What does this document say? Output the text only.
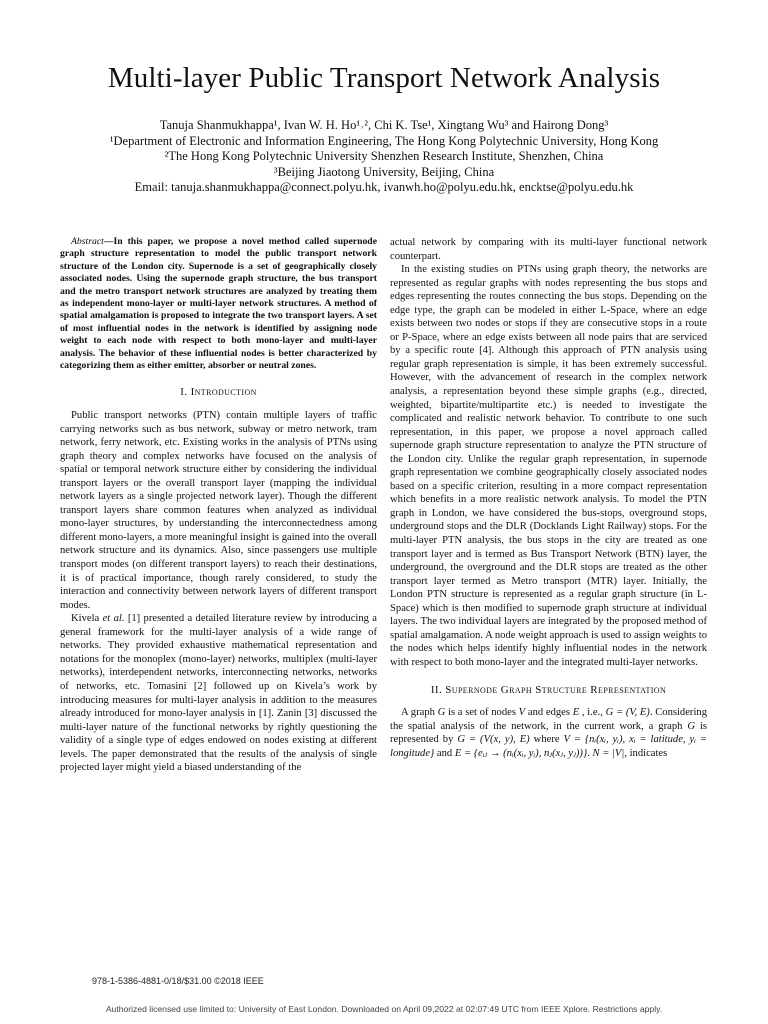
Multi-layer Public Transport Network Analysis
Tanuja Shanmukhappa¹, Ivan W. H. Ho¹˒², Chi K. Tse¹, Xingtang Wu³ and Hairong Dong³
¹Department of Electronic and Information Engineering, The Hong Kong Polytechnic University, Hong Kong
²The Hong Kong Polytechnic University Shenzhen Research Institute, Shenzhen, China
³Beijing Jiaotong University, Beijing, China
Email: tanuja.shanmukhappa@connect.polyu.hk, ivanwh.ho@polyu.edu.hk, encktse@polyu.edu.hk

Abstract—In this paper, we propose a novel method called supernode graph structure representation to model the public transport network structure of the London city. Supernode is a set of geographically closely associated nodes. Using the supernode graph structure, the bus transport and the metro transport network structures are analyzed by treating them as independent mono-layer or multi-layer network structures. A method of spatial amalgamation is proposed to integrate the two transport layers. A set of most influential nodes in the network is identified by assigning node weight to each node with respect to both mono-layer and multi-layer analysis. The behavior of these influential nodes is better characterized by categorizing them as either emitter, absorber or neutral zones.

I. Introduction

Public transport networks (PTN) contain multiple layers of traffic carrying networks such as bus network, subway or metro network, tram network, ferry network, etc. Existing works in the analysis of PTNs using graph theory and complex networks have focused on the analysis of spatial or temporal network structure either by considering the individual transport layers or the overall transport layer (mapping the individual network layers as a single projected network layer). Though the different transport layers share common features when analyzed as individual mono-layer structures, by understanding the interconnectedness among different mono-layers, a more meaningful insight is gained into the overall network structure and its dynamics. Also, since passengers use multiple transport modes (on different transport layers) to reach their destinations, it is of practical importance, though rarely considered, to study the interaction and connectivity between network layers of different transport modes.

Kivela et al. [1] presented a detailed literature review by introducing a general framework for the multi-layer analysis of a wide range of networks. They provided exhaustive mathematical representation and notations for the monoplex (mono-layer) networks, multiplex (multi-layer networks), interdependent networks, interconnecting networks, networks of networks, etc. Tomasini [2] followed up on Kivela’s work by introducing measures for multi-layer analysis in addition to the measures already introduced for mono-layer analysis in [1]. Zanin [3] discussed the multi-layer nature of the functional networks by rightly questioning the validity of a single type of edges endowed on nodes existing at different levels. The paper demonstrated that the results of the analysis of single projected layer might yield a biased understanding of the

actual network by comparing with its multi-layer functional network counterpart.

In the existing studies on PTNs using graph theory, the networks are represented as regular graphs with nodes representing the bus stops and edges representing the routes connecting the bus stops. Depending on the edge type, the graph can be modeled in either L-Space, where an edge exists between two nodes or stops if they are consecutive stops in a route or P-Space, where an edge exists between all node pairs that are serviced by a specific route [4]. Although this approach of PTN analysis using regular graph representation is simple, it has been extremely successful. However, with the advancement of research in the complex network analysis, a representation beyond these simple graphs (e.g., directed, weighted, bipartite/multipartite etc.) is needed to investigate the complicated and realistic network behavior. To contribute to one such representation, in this paper, we propose a novel approach called supernode graph structure representation to analyze the PTN structure of the London city. Unlike the regular graph representation, in supernode graph representation we combine geographically closely associated nodes based on a specific criterion, resulting in a more compact representation which benefits in a more realistic network analysis. To model the PTN graph in London, we have considered the bus-stops, overground stops, underground stops and the DLR (Docklands Light Railway) stops. For the multi-layer PTN analysis, the bus stops in the city are treated as one transport layer and is termed as Bus Transport Network (BTN) layer, the underground, the overground and the DLR stops are treated as the other transport layer termed as Metro transport (MTR) layer. Initially, the London PTN structure is represented as a regular graph structure (in L-Space) which is then modified to supernode graph structure at individual layers. The two individual layers are integrated by the proposed method of spatial amalgamation. A node weight approach is used to assign weights to the nodes which helps identify highly influential nodes in the network with respect to both mono-layer and the integrated multi-layer networks.

II. Supernode Graph Structure Representation

A graph G is a set of nodes V and edges E , i.e., G = (V, E). Considering the spatial analysis of the network, in the current work, a graph G is represented by G = (V(x, y), E) where V = {nᵢ(xᵢ, yᵢ), xᵢ = latitude, yᵢ = longitude} and E = {eᵢⱼ → (nᵢ(xᵢ, yᵢ), nⱼ(xⱼ, yⱼ))}. N = |V|, indicates

978-1-5386-4881-0/18/$31.00 ©2018 IEEE
Authorized licensed use limited to: University of East London. Downloaded on April 09,2022 at 02:07:49 UTC from IEEE Xplore. Restrictions apply.
